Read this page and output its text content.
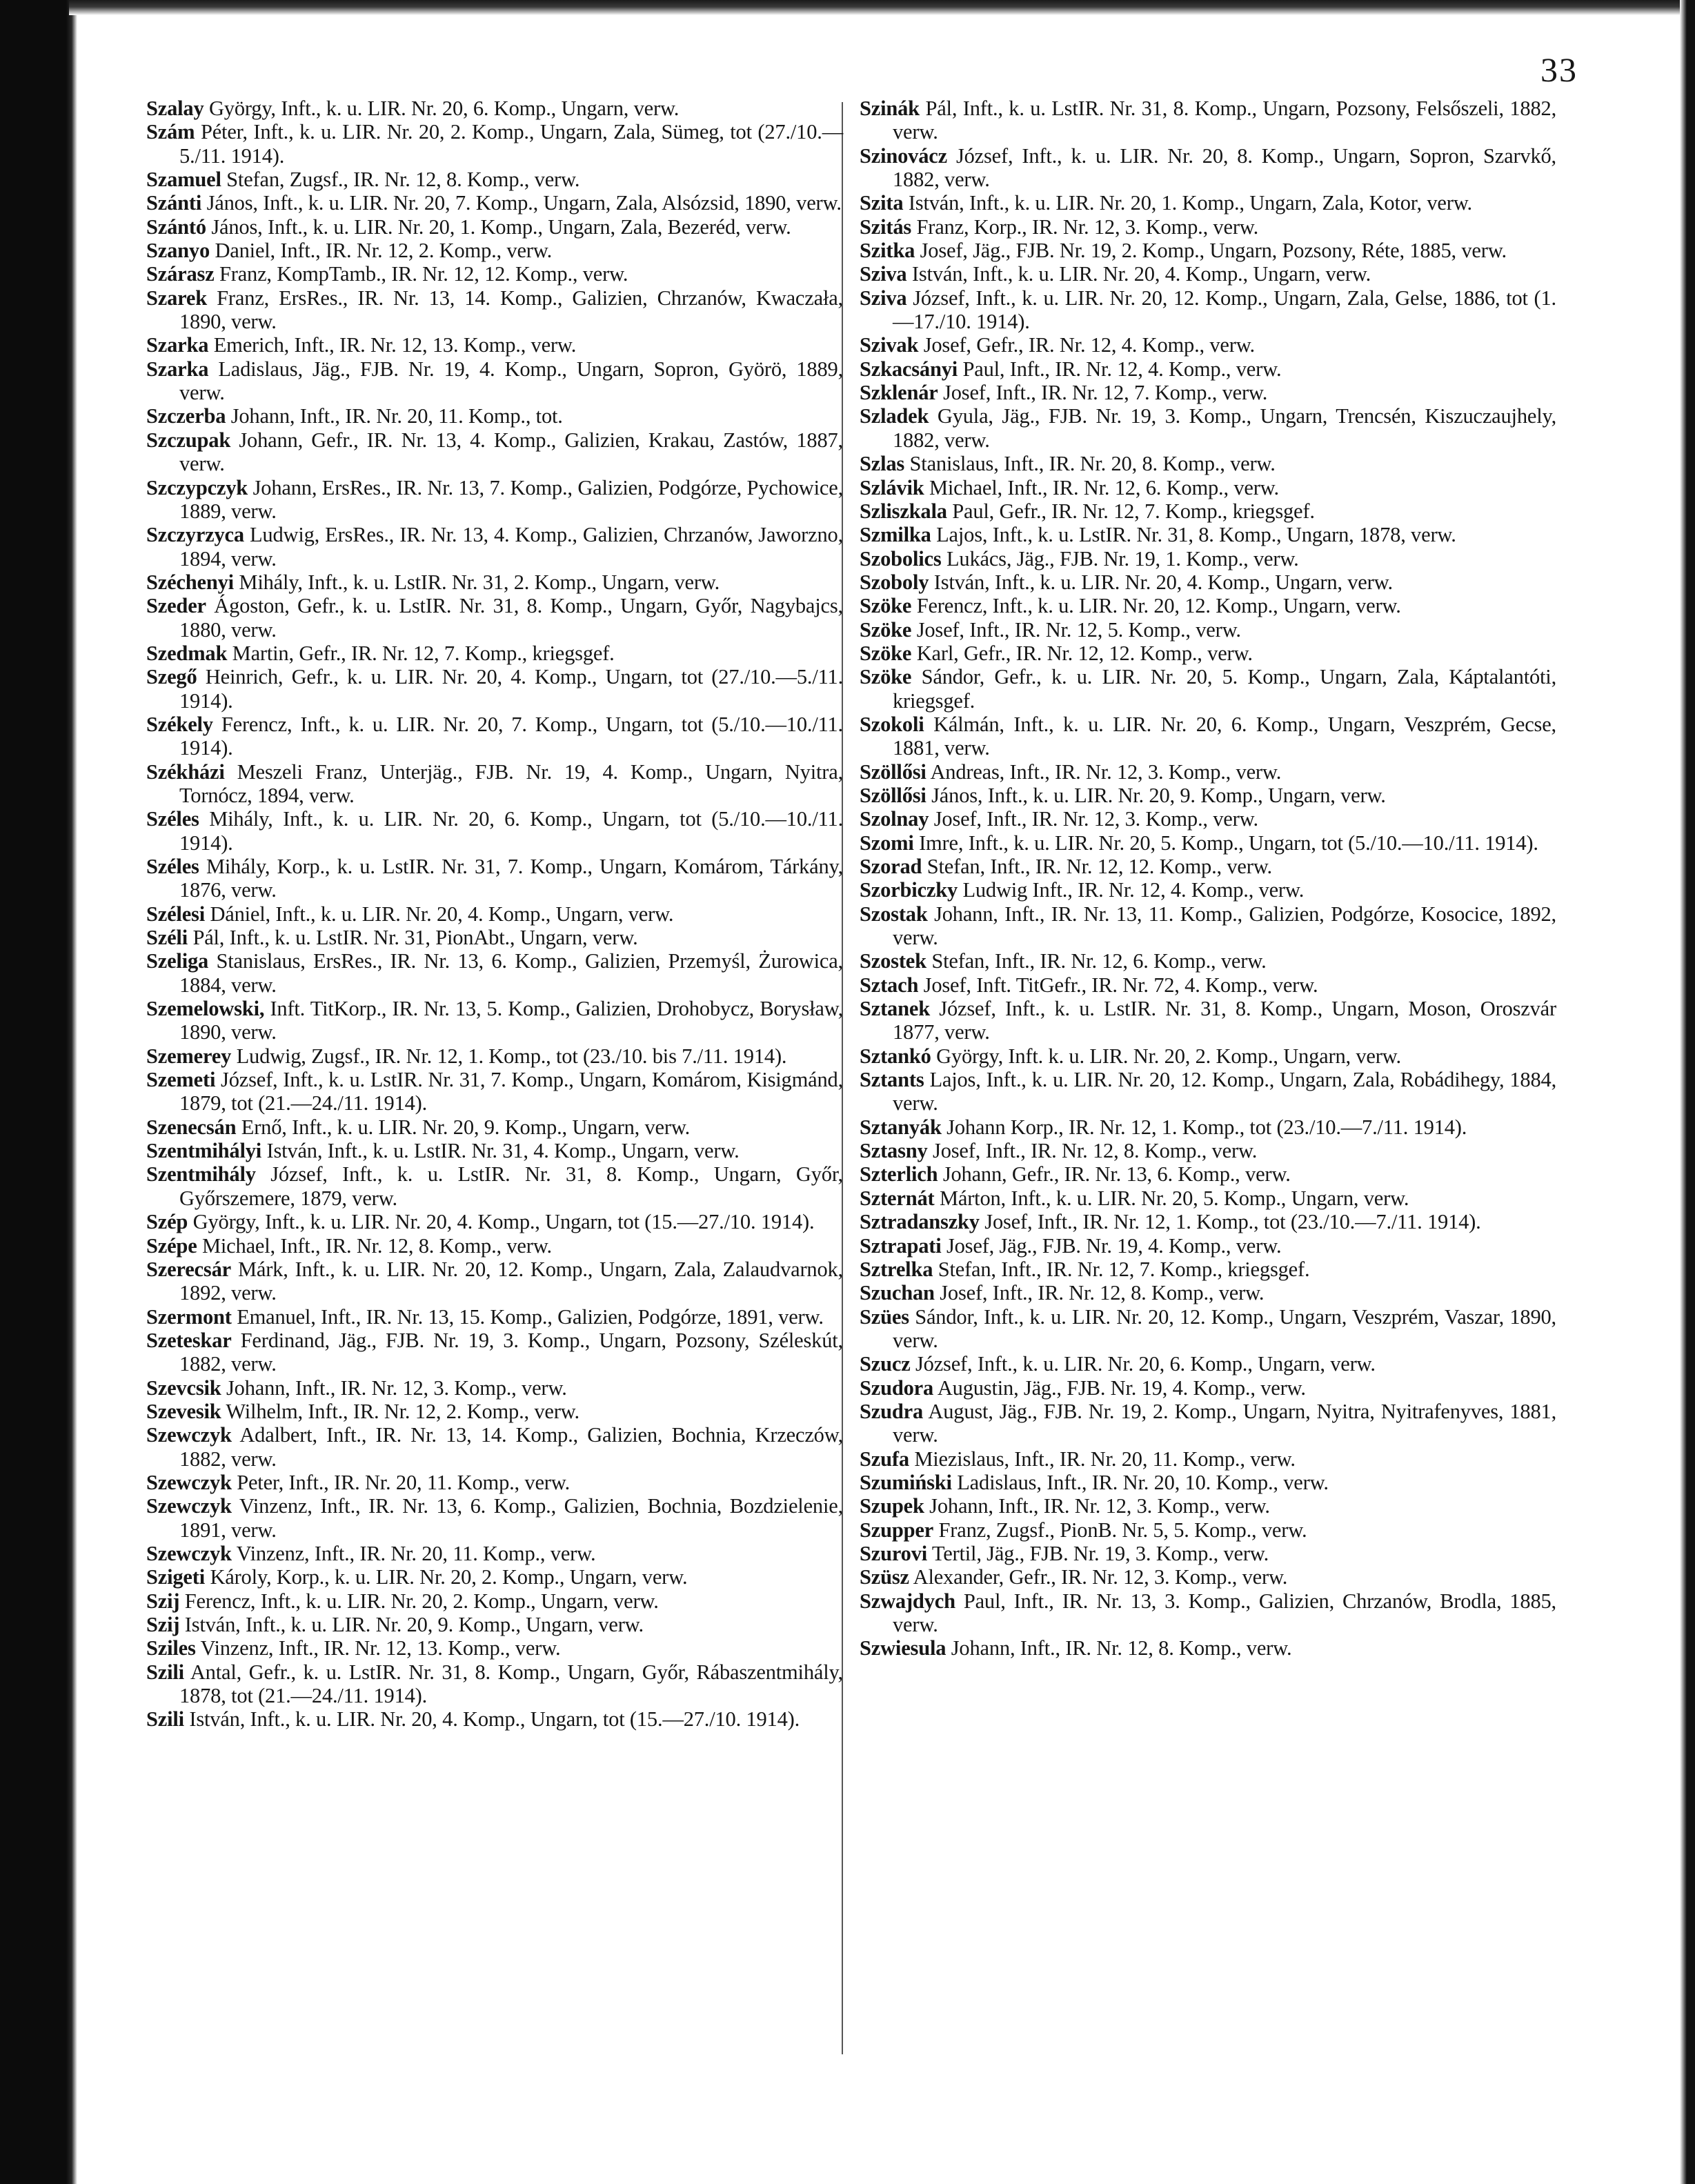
33

Szalay György, Inft., k. u. LIR. Nr. 20, 6. Komp., Ungarn, verw.

Szám Péter, Inft., k. u. LIR. Nr. 20, 2. Komp., Ungarn, Zala, Sümeg, tot (27./10.—5./11. 1914).

Szamuel Stefan, Zugsf., IR. Nr. 12, 8. Komp., verw.

Szánti János, Inft., k. u. LIR. Nr. 20, 7. Komp., Ungarn, Zala, Alsózsid, 1890, verw.

Szántó János, Inft., k. u. LIR. Nr. 20, 1. Komp., Ungarn, Zala, Bezeréd, verw.

Szanyo Daniel, Inft., IR. Nr. 12, 2. Komp., verw.

Szárasz Franz, KompTamb., IR. Nr. 12, 12. Komp., verw.

Szarek Franz, ErsRes., IR. Nr. 13, 14. Komp., Galizien, Chrzanów, Kwaczała, 1890, verw.

Szarka Emerich, Inft., IR. Nr. 12, 13. Komp., verw.

Szarka Ladislaus, Jäg., FJB. Nr. 19, 4. Komp., Ungarn, Sopron, Györö, 1889, verw.

Szczerba Johann, Inft., IR. Nr. 20, 11. Komp., tot.

Szczupak Johann, Gefr., IR. Nr. 13, 4. Komp., Galizien, Krakau, Zastów, 1887, verw.

Szczypczyk Johann, ErsRes., IR. Nr. 13, 7. Komp., Galizien, Podgórze, Pychowice, 1889, verw.

Szczyrzyca Ludwig, ErsRes., IR. Nr. 13, 4. Komp., Galizien, Chrzanów, Jaworzno, 1894, verw.

Széchenyi Mihály, Inft., k. u. LstIR. Nr. 31, 2. Komp., Ungarn, verw.

Szeder Ágoston, Gefr., k. u. LstIR. Nr. 31, 8. Komp., Ungarn, Győr, Nagybajcs, 1880, verw.

Szedmak Martin, Gefr., IR. Nr. 12, 7. Komp., kriegsgef.

Szegő Heinrich, Gefr., k. u. LIR. Nr. 20, 4. Komp., Ungarn, tot (27./10.—5./11. 1914).

Székely Ferencz, Inft., k. u. LIR. Nr. 20, 7. Komp., Ungarn, tot (5./10.—10./11. 1914).

Székházi Meszeli Franz, Unterjäg., FJB. Nr. 19, 4. Komp., Ungarn, Nyitra, Tornócz, 1894, verw.

Széles Mihály, Inft., k. u. LIR. Nr. 20, 6. Komp., Ungarn, tot (5./10.—10./11. 1914).

Széles Mihály, Korp., k. u. LstIR. Nr. 31, 7. Komp., Ungarn, Komárom, Tárkány, 1876, verw.

Szélesi Dániel, Inft., k. u. LIR. Nr. 20, 4. Komp., Ungarn, verw.

Széli Pál, Inft., k. u. LstIR. Nr. 31, PionAbt., Ungarn, verw.

Szeliga Stanislaus, ErsRes., IR. Nr. 13, 6. Komp., Galizien, Przemyśl, Żurowica, 1884, verw.

Szemelowski, Inft. TitKorp., IR. Nr. 13, 5. Komp., Galizien, Drohobycz, Borysław, 1890, verw.

Szemerey Ludwig, Zugsf., IR. Nr. 12, 1. Komp., tot (23./10. bis 7./11. 1914).

Szemeti József, Inft., k. u. LstIR. Nr. 31, 7. Komp., Ungarn, Komárom, Kisigmánd, 1879, tot (21.—24./11. 1914).

Szenecsán Ernő, Inft., k. u. LIR. Nr. 20, 9. Komp., Ungarn, verw.

Szentmihályi István, Inft., k. u. LstIR. Nr. 31, 4. Komp., Ungarn, verw.

Szentmihály József, Inft., k. u. LstIR. Nr. 31, 8. Komp., Ungarn, Győr, Győrszemere, 1879, verw.

Szép György, Inft., k. u. LIR. Nr. 20, 4. Komp., Ungarn, tot (15.—27./10. 1914).

Szépe Michael, Inft., IR. Nr. 12, 8. Komp., verw.

Szerecsár Márk, Inft., k. u. LIR. Nr. 20, 12. Komp., Ungarn, Zala, Zalaudvarnok, 1892, verw.

Szermont Emanuel, Inft., IR. Nr. 13, 15. Komp., Galizien, Podgórze, 1891, verw.

Szeteskar Ferdinand, Jäg., FJB. Nr. 19, 3. Komp., Ungarn, Pozsony, Széleskút, 1882, verw.

Szevcsik Johann, Inft., IR. Nr. 12, 3. Komp., verw.

Szevesik Wilhelm, Inft., IR. Nr. 12, 2. Komp., verw.

Szewczyk Adalbert, Inft., IR. Nr. 13, 14. Komp., Galizien, Bochnia, Krzeczów, 1882, verw.

Szewczyk Peter, Inft., IR. Nr. 20, 11. Komp., verw.

Szewczyk Vinzenz, Inft., IR. Nr. 13, 6. Komp., Galizien, Bochnia, Bozdzielenie, 1891, verw.

Szewczyk Vinzenz, Inft., IR. Nr. 20, 11. Komp., verw.

Szigeti Károly, Korp., k. u. LIR. Nr. 20, 2. Komp., Ungarn, verw.

Szij Ferencz, Inft., k. u. LIR. Nr. 20, 2. Komp., Ungarn, verw.

Szij István, Inft., k. u. LIR. Nr. 20, 9. Komp., Ungarn, verw.

Sziles Vinzenz, Inft., IR. Nr. 12, 13. Komp., verw.

Szili Antal, Gefr., k. u. LstIR. Nr. 31, 8. Komp., Ungarn, Győr, Rábaszentmihály, 1878, tot (21.—24./11. 1914).

Szili István, Inft., k. u. LIR. Nr. 20, 4. Komp., Ungarn, tot (15.—27./10. 1914).

Szinák Pál, Inft., k. u. LstIR. Nr. 31, 8. Komp., Ungarn, Pozsony, Felsőszeli, 1882, verw.

Szinovácz József, Inft., k. u. LIR. Nr. 20, 8. Komp., Ungarn, Sopron, Szarvkő, 1882, verw.

Szita István, Inft., k. u. LIR. Nr. 20, 1. Komp., Ungarn, Zala, Kotor, verw.

Szitás Franz, Korp., IR. Nr. 12, 3. Komp., verw.

Szitka Josef, Jäg., FJB. Nr. 19, 2. Komp., Ungarn, Pozsony, Réte, 1885, verw.

Sziva István, Inft., k. u. LIR. Nr. 20, 4. Komp., Ungarn, verw.

Sziva József, Inft., k. u. LIR. Nr. 20, 12. Komp., Ungarn, Zala, Gelse, 1886, tot (1.—17./10. 1914).

Szivak Josef, Gefr., IR. Nr. 12, 4. Komp., verw.

Szkacsányi Paul, Inft., IR. Nr. 12, 4. Komp., verw.

Szklenár Josef, Inft., IR. Nr. 12, 7. Komp., verw.

Szladek Gyula, Jäg., FJB. Nr. 19, 3. Komp., Ungarn, Trencsén, Kiszuczaujhely, 1882, verw.

Szlas Stanislaus, Inft., IR. Nr. 20, 8. Komp., verw.

Szlávik Michael, Inft., IR. Nr. 12, 6. Komp., verw.

Szliszkala Paul, Gefr., IR. Nr. 12, 7. Komp., kriegsgef.

Szmilka Lajos, Inft., k. u. LstIR. Nr. 31, 8. Komp., Ungarn, 1878, verw.

Szobolics Lukács, Jäg., FJB. Nr. 19, 1. Komp., verw.

Szoboly István, Inft., k. u. LIR. Nr. 20, 4. Komp., Ungarn, verw.

Szöke Ferencz, Inft., k. u. LIR. Nr. 20, 12. Komp., Ungarn, verw.

Szöke Josef, Inft., IR. Nr. 12, 5. Komp., verw.

Szöke Karl, Gefr., IR. Nr. 12, 12. Komp., verw.

Szöke Sándor, Gefr., k. u. LIR. Nr. 20, 5. Komp., Ungarn, Zala, Káptalantóti, kriegsgef.

Szokoli Kálmán, Inft., k. u. LIR. Nr. 20, 6. Komp., Ungarn, Veszprém, Gecse, 1881, verw.

Szöllősi Andreas, Inft., IR. Nr. 12, 3. Komp., verw.

Szöllősi János, Inft., k. u. LIR. Nr. 20, 9. Komp., Ungarn, verw.

Szolnay Josef, Inft., IR. Nr. 12, 3. Komp., verw.

Szomi Imre, Inft., k. u. LIR. Nr. 20, 5. Komp., Ungarn, tot (5./10.—10./11. 1914).

Szorad Stefan, Inft., IR. Nr. 12, 12. Komp., verw.

Szorbiczky Ludwig Inft., IR. Nr. 12, 4. Komp., verw.

Szostak Johann, Inft., IR. Nr. 13, 11. Komp., Galizien, Podgórze, Kosocice, 1892, verw.

Szostek Stefan, Inft., IR. Nr. 12, 6. Komp., verw.

Sztach Josef, Inft. TitGefr., IR. Nr. 72, 4. Komp., verw.

Sztanek József, Inft., k. u. LstIR. Nr. 31, 8. Komp., Ungarn, Moson, Oroszvár 1877, verw.

Sztankó György, Inft. k. u. LIR. Nr. 20, 2. Komp., Ungarn, verw.

Sztants Lajos, Inft., k. u. LIR. Nr. 20, 12. Komp., Ungarn, Zala, Robádihegy, 1884, verw.

Sztanyák Johann Korp., IR. Nr. 12, 1. Komp., tot (23./10.—7./11. 1914).

Sztasny Josef, Inft., IR. Nr. 12, 8. Komp., verw.

Szterlich Johann, Gefr., IR. Nr. 13, 6. Komp., verw.

Szternát Márton, Inft., k. u. LIR. Nr. 20, 5. Komp., Ungarn, verw.

Sztradanszky Josef, Inft., IR. Nr. 12, 1. Komp., tot (23./10.—7./11. 1914).

Sztrapati Josef, Jäg., FJB. Nr. 19, 4. Komp., verw.

Sztrelka Stefan, Inft., IR. Nr. 12, 7. Komp., kriegsgef.

Szuchan Josef, Inft., IR. Nr. 12, 8. Komp., verw.

Szües Sándor, Inft., k. u. LIR. Nr. 20, 12. Komp., Ungarn, Veszprém, Vaszar, 1890, verw.

Szucz József, Inft., k. u. LIR. Nr. 20, 6. Komp., Ungarn, verw.

Szudora Augustin, Jäg., FJB. Nr. 19, 4. Komp., verw.

Szudra August, Jäg., FJB. Nr. 19, 2. Komp., Ungarn, Nyitra, Nyitrafenyves, 1881, verw.

Szufa Miezislaus, Inft., IR. Nr. 20, 11. Komp., verw.

Szumiński Ladislaus, Inft., IR. Nr. 20, 10. Komp., verw.

Szupek Johann, Inft., IR. Nr. 12, 3. Komp., verw.

Szupper Franz, Zugsf., PionB. Nr. 5, 5. Komp., verw.

Szurovi Tertil, Jäg., FJB. Nr. 19, 3. Komp., verw.

Szüsz Alexander, Gefr., IR. Nr. 12, 3. Komp., verw.

Szwajdych Paul, Inft., IR. Nr. 13, 3. Komp., Galizien, Chrzanów, Brodla, 1885, verw.

Szwiesula Johann, Inft., IR. Nr. 12, 8. Komp., verw.
